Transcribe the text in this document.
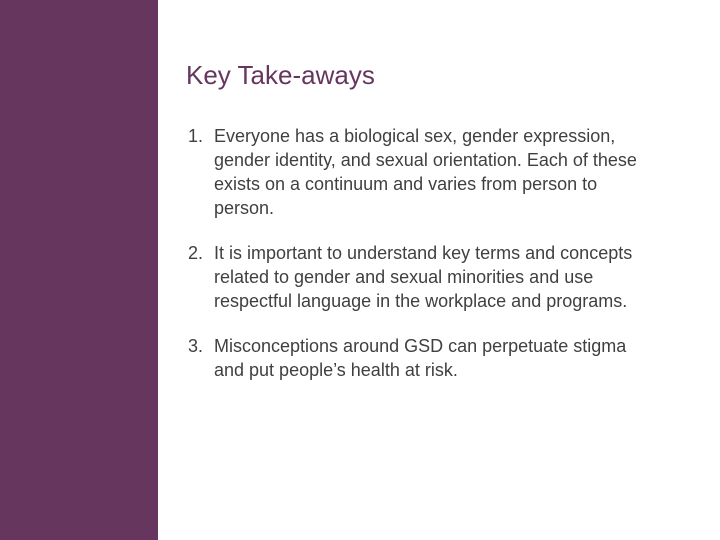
Key Take-aways
1. Everyone has a biological sex, gender expression, gender identity, and sexual orientation. Each of these exists on a continuum and varies from person to person.
2. It is important to understand key terms and concepts related to gender and sexual minorities and use respectful language in the workplace and programs.
3. Misconceptions around GSD can perpetuate stigma and put people’s health at risk.
